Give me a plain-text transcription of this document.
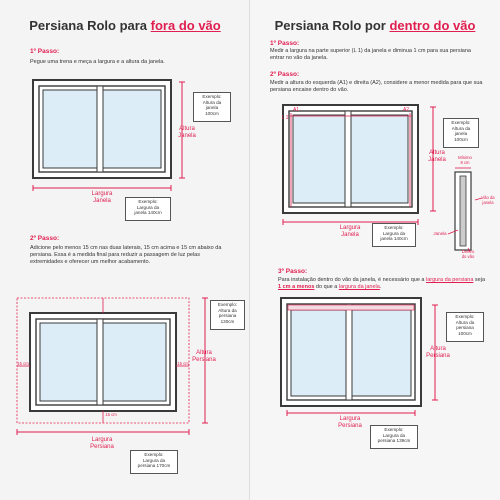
Persiana Rolo para fora do vão
1º Passo:
Pegue uma trena e meça a largura e a altura da janela.
Exemplo:
Altura da
janela
100cm
Altura
Janela
Largura
Janela	Exemplo:
Largura da
janela 140cm
2º Passo:
Adicione pelo menos 15 cm nas duas laterais, 15 cm acima e 15 cm abaixo da persiana. Essa é a medida final para reduzir a passagem de luz pelas extremidades e oferecer um melhor acabamento.
Exemplo:
Altura da
persiana
130cm
Altura
Persiana
15 cm	15 cm
15 cm
Largura
Persiana
Exemplo:
Largura da
persiana 170cm
Persiana Rolo por dentro do vão
1º Passo:
Medir a largura na parte superior (L 1) da janela e diminua 1 cm para sua persiana entrar no vão da janela.
2º Passo:
Medir a altura do esquerda (A1) e direita (A2), considere a menor medida para que sua persiana encaixe dentro do vão.
A1	A2
L 1
Exemplo:
Altura da
janela
100cm
Altura
Janela
Largura
Janela
Exemplo:
Largura da
janela 140cm
Mínimo
8 cm
Vão da
janela
Janela
Dentro
do vão
3º Passo:
Para instalação dentro do vão da janela, é necessário que a largura da persiana seja 1 cm a menos do que a largura da janela.
Exemplo:
Altura da
persiana
100cm
Altura
Persiana
Largura
Persiana
Exemplo:
Largura da
persiana 139cm
